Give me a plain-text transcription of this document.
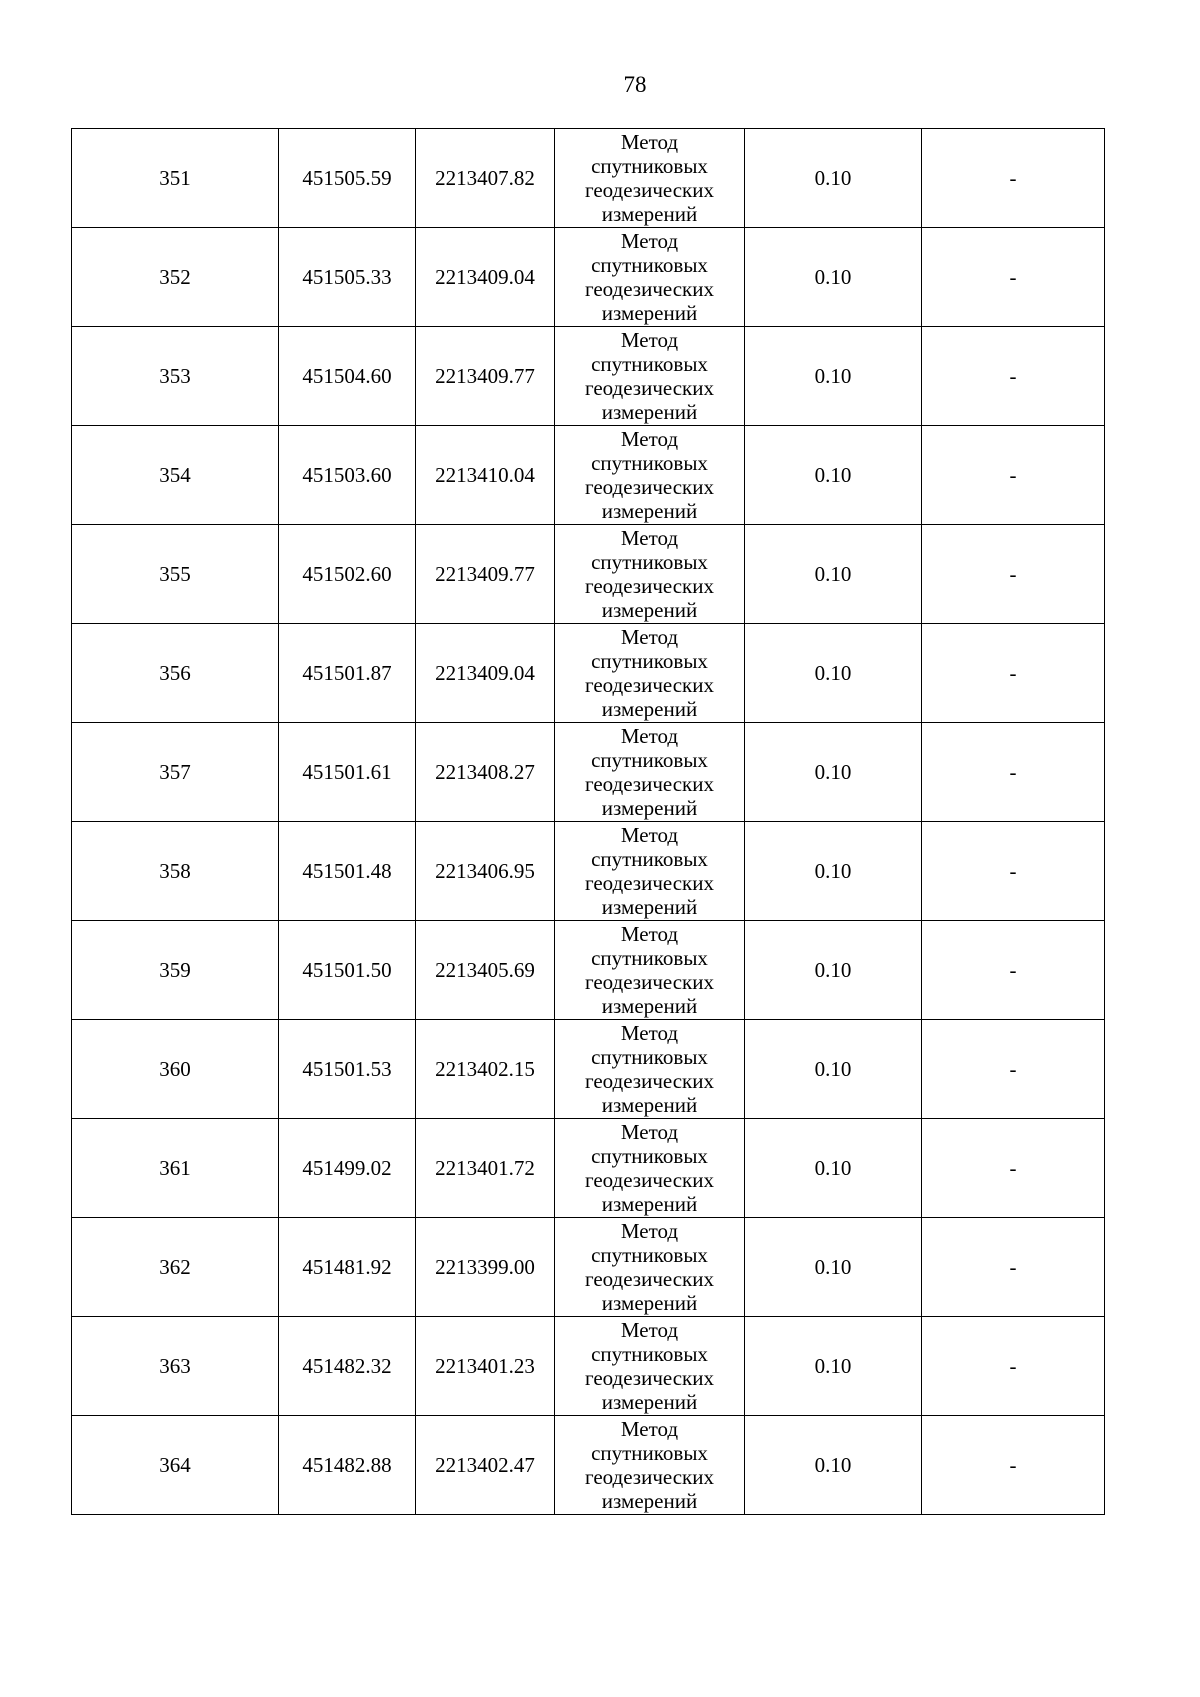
78
351	451505.59	2213407.82	Метод
спутниковых
геодезических
измерений	0.10	-
352	451505.33	2213409.04	Метод
спутниковых
геодезических
измерений	0.10	-
353	451504.60	2213409.77	Метод
спутниковых
геодезических
измерений	0.10	-
354	451503.60	2213410.04	Метод
спутниковых
геодезических
измерений	0.10	-
355	451502.60	2213409.77	Метод
спутниковых
геодезических
измерений	0.10	-
356	451501.87	2213409.04	Метод
спутниковых
геодезических
измерений	0.10	-
357	451501.61	2213408.27	Метод
спутниковых
геодезических
измерений	0.10	-
358	451501.48	2213406.95	Метод
спутниковых
геодезических
измерений	0.10	-
359	451501.50	2213405.69	Метод
спутниковых
геодезических
измерений	0.10	-
360	451501.53	2213402.15	Метод
спутниковых
геодезических
измерений	0.10	-
361	451499.02	2213401.72	Метод
спутниковых
геодезических
измерений	0.10	-
362	451481.92	2213399.00	Метод
спутниковых
геодезических
измерений	0.10	-
363	451482.32	2213401.23	Метод
спутниковых
геодезических
измерений	0.10	-
364	451482.88	2213402.47	Метод
спутниковых
геодезических
измерений	0.10	-
